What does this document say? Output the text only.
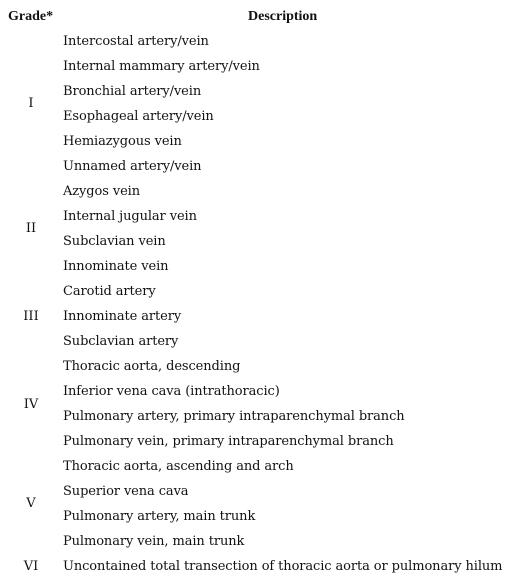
Grade*	Description
I
II
III
IV
V
VI
Intercostal artery/vein
Internal mammary artery/vein
Bronchial artery/vein
Esophageal artery/vein
Hemiazygous vein
Unnamed artery/vein
Azygos vein
Internal jugular vein
Subclavian vein
Innominate vein
Carotid artery
Innominate artery
Subclavian artery
Thoracic aorta, descending
Inferior vena cava (intrathoracic)
Pulmonary artery, primary intraparenchymal branch
Pulmonary vein, primary intraparenchymal branch
Thoracic aorta, ascending and arch
Superior vena cava
Pulmonary artery, main trunk
Pulmonary vein, main trunk
Uncontained total transection of thoracic aorta or pulmonary hilum
